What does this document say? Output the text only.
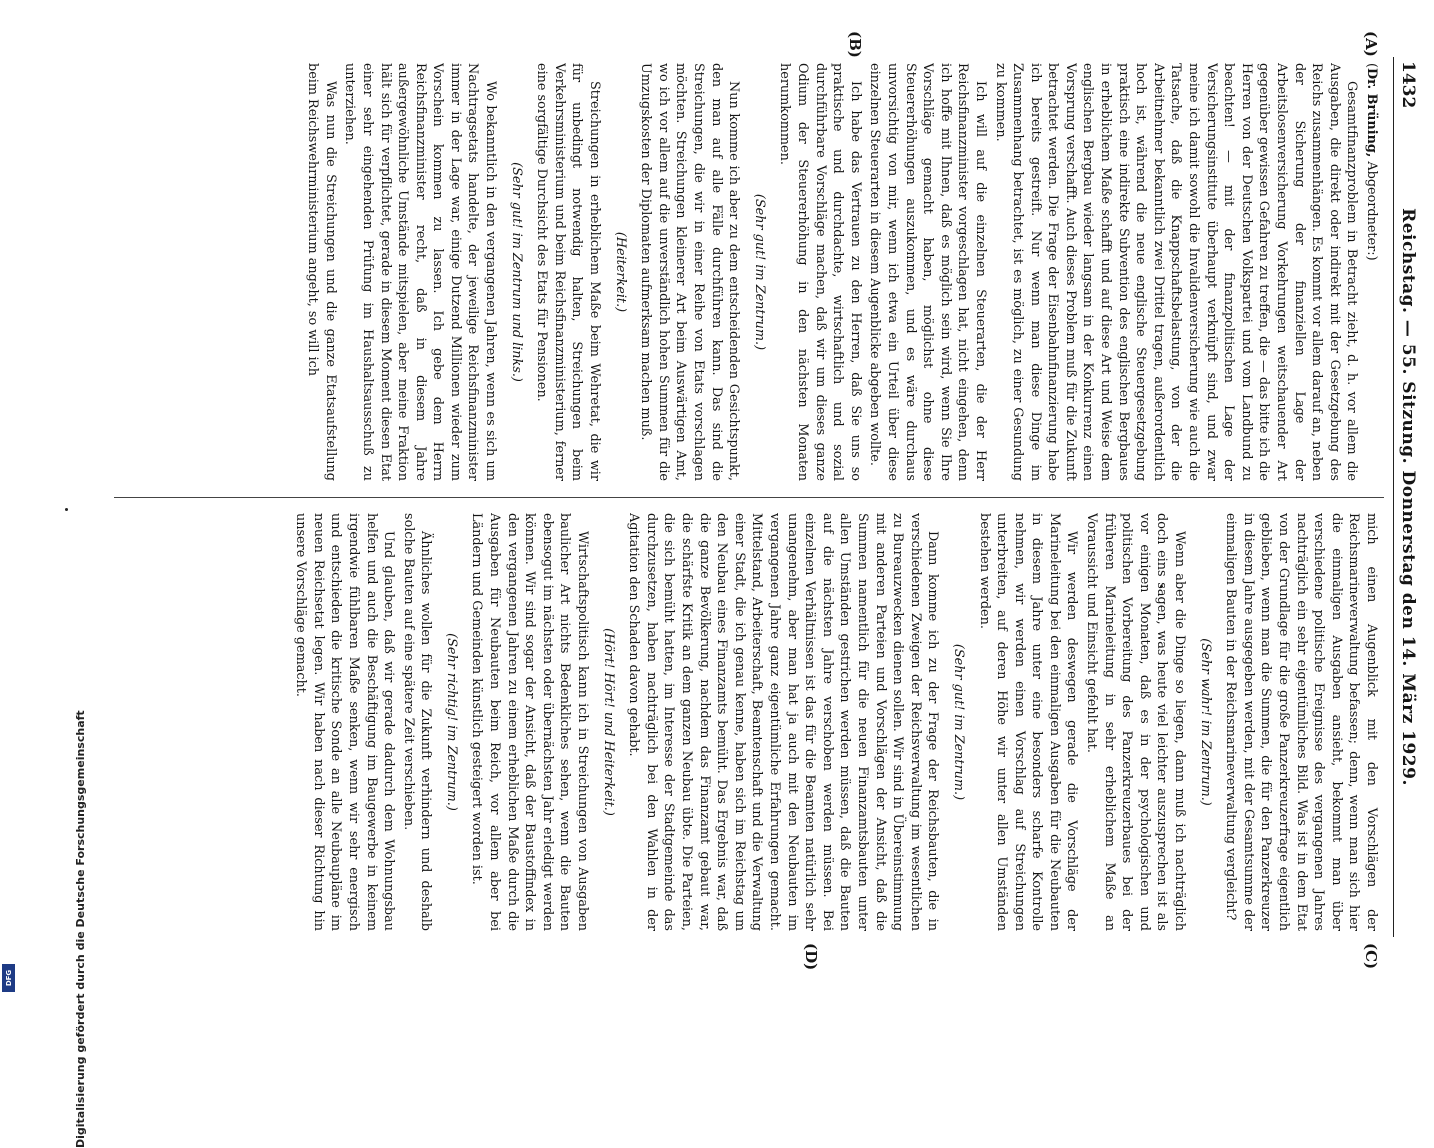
Digitalisierung gefördert durch die Deutsche Forschungsgemeinschaft
DFG
1432
Reichstag. — 55. Sitzung. Donnerstag den 14. März 1929.
(A)
(B)
(C)
(D)
(Dr. Brüning, Abgeordneter:)

Gesamtfinanzproblem in Betracht zieht, d. h. vor allem die Ausgaben, die direkt oder indirekt mit der Gesetzgebung des Reichs zusammenhängen. Es kommt vor allem darauf an, neben der Sicherung der finanziellen Lage der Arbeitslosenversicherung Vorkehrungen weitschauender Art gegenüber gewissen Gefahren zu treffen, die — das bitte ich die Herren von der Deutschen Volkspartei und vom Landbund zu beachten! — mit der finanzpolitischen Lage der Versicherungsinstitute überhaupt verknüpft sind, und zwar meine ich damit sowohl die Invalidenversicherung wie auch die Tatsache, daß die Knappschaftsbelastung, von der die Arbeitnehmer bekanntlich zwei Drittel tragen, außerordentlich hoch ist, während die neue englische Steuergesetzgebung praktisch eine indirekte Subvention des englischen Bergbaues in erheblichem Maße schafft und auf diese Art und Weise dem englischen Bergbau wieder langsam in der Konkurrenz einen Vorsprung verschafft. Auch dieses Problem muß für die Zukunft betrachtet werden. Die Frage der Eisenbahnfinanzierung habe ich bereits gestreift. Nur wenn man diese Dinge im Zusammenhang betrachtet, ist es möglich, zu einer Gesundung zu kommen.

Ich will auf die einzelnen Steuerarten, die der Herr Reichsfinanzminister vorgeschlagen hat, nicht eingehen, denn ich hoffe mit Ihnen, daß es möglich sein wird, wenn Sie Ihre Vorschläge gemacht haben, möglichst ohne diese Steuererhöhungen auszukommen, und es wäre durchaus unvorsichtig von mir, wenn ich etwa ein Urteil über diese einzelnen Steuerarten in diesem Augenblicke abgeben wollte.

Ich habe das Vertrauen zu den Herren, daß Sie uns so praktische und durchdachte, wirtschaftlich und sozial durchführbare Vorschläge machen, daß wir um dieses ganze Odium der Steuererhöhung in den nächsten Monaten herumkommen.

(Sehr gut! im Zentrum.)

Nun komme ich aber zu dem entscheidenden Gesichtspunkt, den man auf alle Fälle durchführen kann. Das sind die Streichungen, die wir in einer Reihe von Etats vorschlagen möchten. Streichungen kleinerer Art beim Auswärtigen Amt, wo ich vor allem auf die unverständlich hohen Summen für die Umzugskosten der Diplomaten aufmerksam machen muß.

(Heiterkeit.)

Streichungen in erheblichem Maße beim Wehretat, die wir für unbedingt notwendig halten, Streichungen beim Verkehrsministerium und beim Reichsfinanzministerium, ferner eine sorgfältige Durchsicht des Etats für Pensionen.

(Sehr gut! im Zentrum und links.)

Wo bekanntlich in den vergangenen Jahren, wenn es sich um Nachtragsetats handelte, der jeweilige Reichsfinanzminister immer in der Lage war, einige Dutzend Millionen wieder zum Vorschein kommen zu lassen. Ich gebe dem Herrn Reichsfinanzminister recht, daß in diesem Jahre außergewöhnliche Umstände mitspielen, aber meine Fraktion hält sich für verpflichtet, gerade in diesem Moment diesen Etat einer sehr eingehenden Prüfung im Haushaltsausschuß zu unterziehen.

Was nun die Streichungen und die ganze Etatsaufstellung beim Reichswehrministerium angeht, so will ich

mich einen Augenblick mit den Vorschlägen der Reichsmarineverwaltung befassen; denn, wenn man sich hier die einmaligen Ausgaben ansieht, bekommt man über verschiedene politische Ereignisse des vergangenen Jahres nachträglich ein sehr eigentümliches Bild. Was ist in dem Etat von der Grundlage für die große Panzerkreuzerfrage eigentlich geblieben, wenn man die Summen, die für den Panzerkreuzer in diesem Jahre ausgegeben werden, mit der Gesamtsumme der einmaligen Bauten in der Reichsmarineverwaltung vergleicht?

(Sehr wahr! im Zentrum.)

Wenn aber die Dinge so liegen, dann muß ich nachträglich doch eins sagen, was heute viel leichter auszusprechen ist als vor einigen Monaten, daß es in der psychologischen und politischen Vorbereitung des Panzerkreuzerbaues bei der früheren Marineleitung in sehr erheblichem Maße an Voraussicht und Einsicht gefehlt hat.

Wir werden deswegen gerade die Vorschläge der Marineleitung bei den einmaligen Ausgaben für die Neubauten in diesem Jahre unter eine besonders scharfe Kontrolle nehmen, wir werden einen Vorschlag auf Streichungen unterbreiten, auf deren Höhe wir unter allen Umständen bestehen werden.

(Sehr gut! im Zentrum.)

Dann komme ich zu der Frage der Reichsbauten, die in verschiedenen Zweigen der Reichsverwaltung im wesentlichen zu Bureauzwecken dienen sollen. Wir sind in Übereinstimmung mit anderen Parteien und Vorschlägen der Ansicht, daß die Summen namentlich für die neuen Finanzamtsbauten unter allen Umständen gestrichen werden müssen, daß die Bauten auf die nächsten Jahre verschoben werden müssen. Bei einzelnen Verhältnissen ist das für die Beamten natürlich sehr unangenehm, aber man hat ja auch mit den Neubauten im vergangenen Jahre ganz eigentümliche Erfahrungen gemacht. Mittelstand, Arbeiterschaft, Beamtenschaft und die Verwaltung einer Stadt, die ich genau kenne, haben sich im Reichstag um den Neubau eines Finanzamts bemüht. Das Ergebnis war, daß die ganze Bevölkerung, nachdem das Finanzamt gebaut war, die schärfste Kritik an dem ganzen Neubau übte. Die Parteien, die sich bemüht hatten, im Interesse der Stadtgemeinde das durchzusetzen, haben nachträglich bei den Wahlen in der Agitation den Schaden davon gehabt.

(Hört! Hört! und Heiterkeit.)

Wirtschaftspolitisch kann ich in Streichungen von Ausgaben baulicher Art nichts Bedenkliches sehen, wenn die Bauten ebensogut im nächsten oder übernächsten Jahr erledigt werden können. Wir sind sogar der Ansicht, daß der Baustoffindex in den vergangenen Jahren zu einem erheblichen Maße durch die Ausgaben für Neubauten beim Reich, vor allem aber bei Ländern und Gemeinden künstlich gesteigert worden ist.

(Sehr richtig! im Zentrum.)

Ähnliches wollen für die Zukunft verhindern und deshalb solche Bauten auf eine spätere Zeit verschieben.

Und glauben, daß wir gerade dadurch dem Wohnungsbau helfen und auch die Beschäftigung im Baugewerbe in keinem irgendwie fühlbaren Maße senken, wenn wir sehr energisch und entschieden die kritische Sonde an alle Neubaupläne im neuen Reichsetat legen. Wir haben nach dieser Richtung hin unsere Vorschläge gemacht.
